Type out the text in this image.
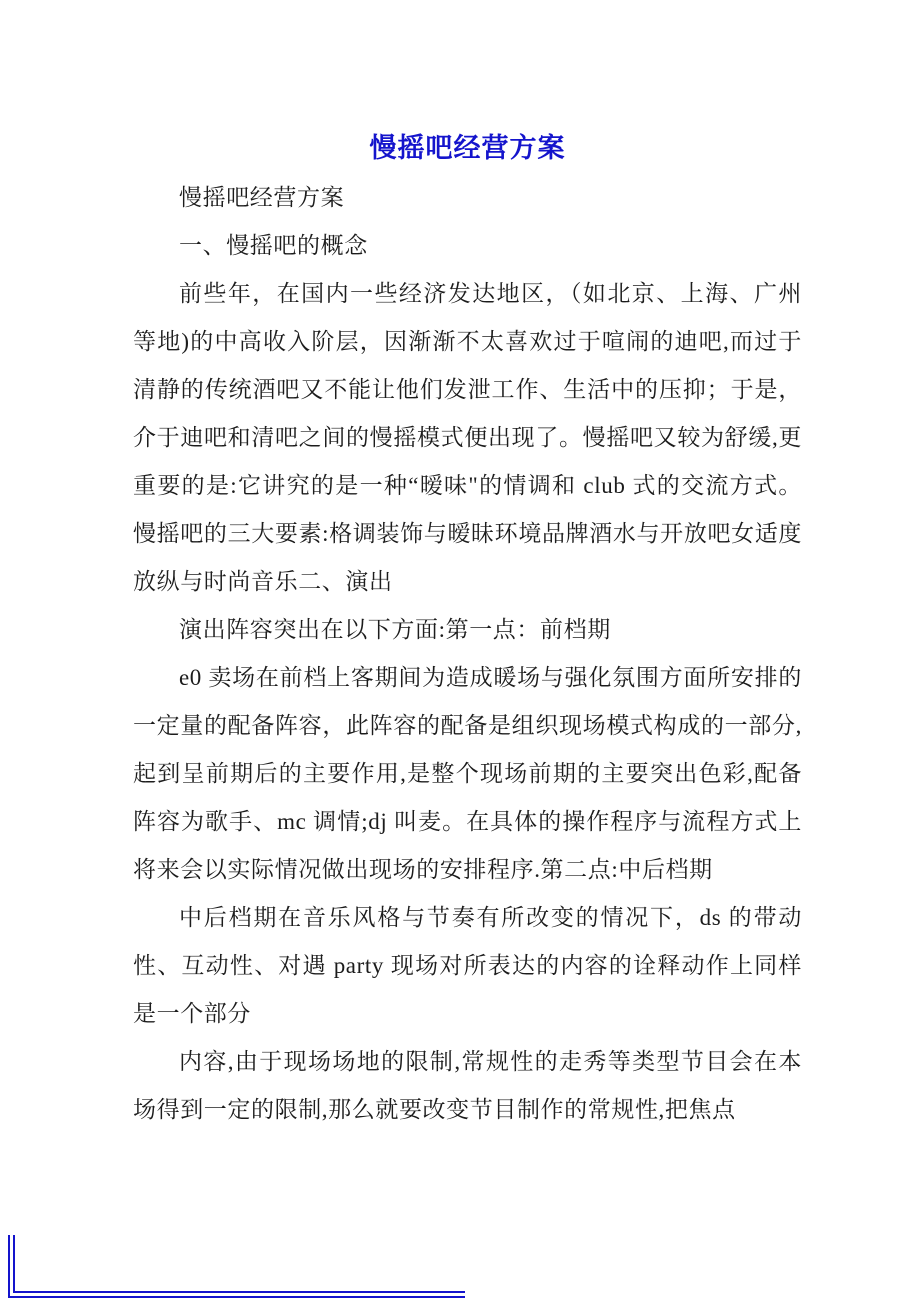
慢摇吧经营方案

慢摇吧经营方案

一、慢摇吧的概念

前些年，在国内一些经济发达地区，（如北京、上海、广州等地)的中高收入阶层，因渐渐不太喜欢过于喧闹的迪吧,而过于清静的传统酒吧又不能让他们发泄工作、生活中的压抑；于是，介于迪吧和清吧之间的慢摇模式便出现了。慢摇吧又较为舒缓,更重要的是:它讲究的是一种“暧味"的情调和 club 式的交流方式。慢摇吧的三大要素:格调装饰与暧昧环境品牌酒水与开放吧女适度放纵与时尚音乐二、演出

演出阵容突出在以下方面:第一点：前档期

e0 卖场在前档上客期间为造成暖场与强化氛围方面所安排的一定量的配备阵容，此阵容的配备是组织现场模式构成的一部分,起到呈前期后的主要作用,是整个现场前期的主要突出色彩,配备阵容为歌手、mc 调情;dj 叫麦。在具体的操作程序与流程方式上将来会以实际情况做出现场的安排程序.第二点:中后档期

中后档期在音乐风格与节奏有所改变的情况下，ds 的带动性、互动性、对遇 party 现场对所表达的内容的诠释动作上同样是一个部分

内容,由于现场场地的限制,常规性的走秀等类型节目会在本场得到一定的限制,那么就要改变节目制作的常规性,把焦点
